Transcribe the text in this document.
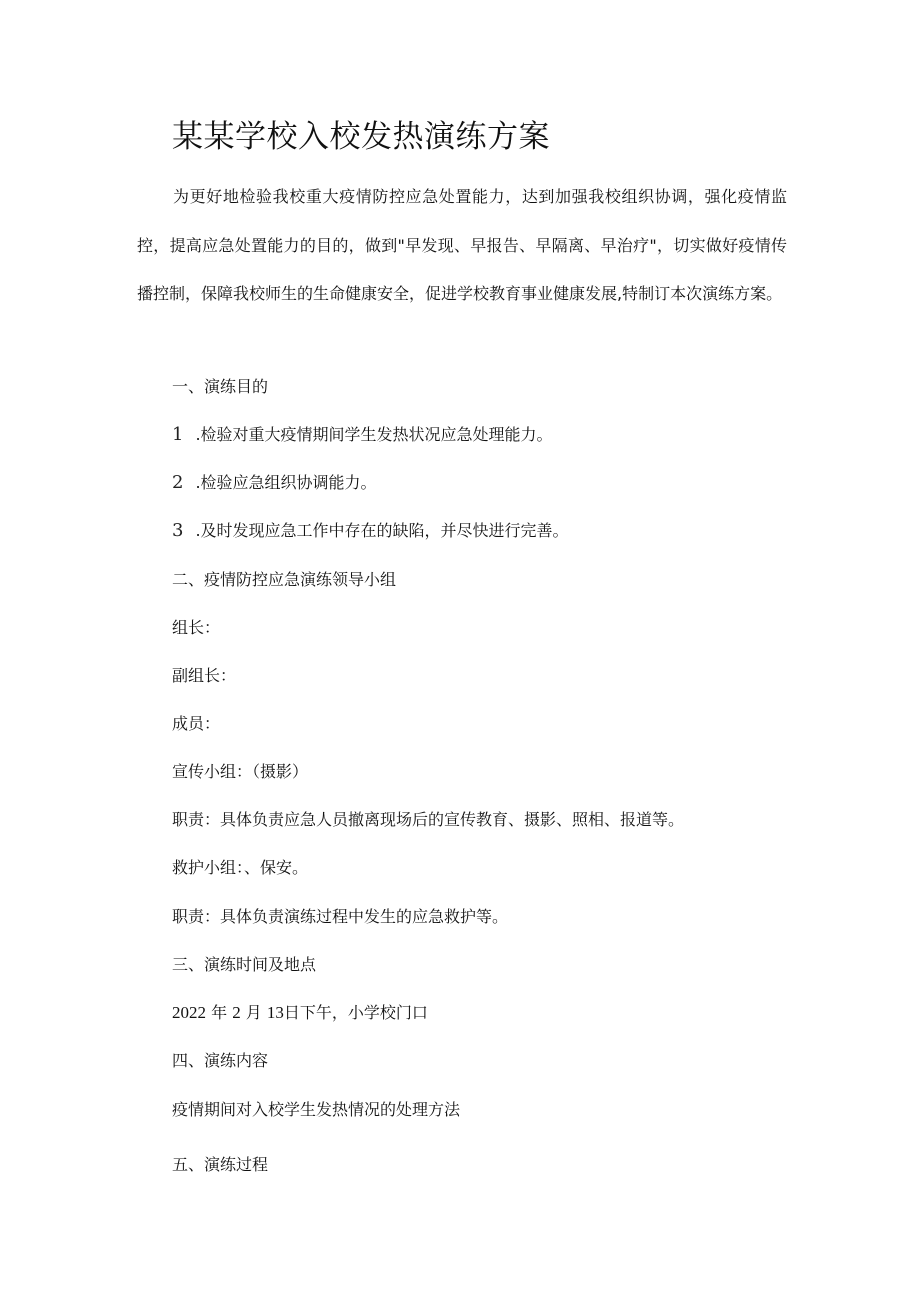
某某学校入校发热演练方案

为更好地检验我校重大疫情防控应急处置能力，达到加强我校组织协调，强化疫情监控，提高应急处置能力的目的，做到"早发现、早报告、早隔离、早治疗"，切实做好疫情传播控制，保障我校师生的生命健康安全，促进学校教育事业健康发展,特制订本次演练方案。

一、演练目的

1 .检验对重大疫情期间学生发热状况应急处理能力。

2 .检验应急组织协调能力。

3 .及时发现应急工作中存在的缺陷，并尽快进行完善。

二、疫情防控应急演练领导小组

组长：

副组长：

成员：

宣传小组：（摄影）

职责：具体负责应急人员撤离现场后的宣传教育、摄影、照相、报道等。

救护小组：、保安。

职责：具体负责演练过程中发生的应急救护等。

三、演练时间及地点

2022 年 2 月 13日下午，小学校门口

四、演练内容

疫情期间对入校学生发热情况的处理方法

五、演练过程
